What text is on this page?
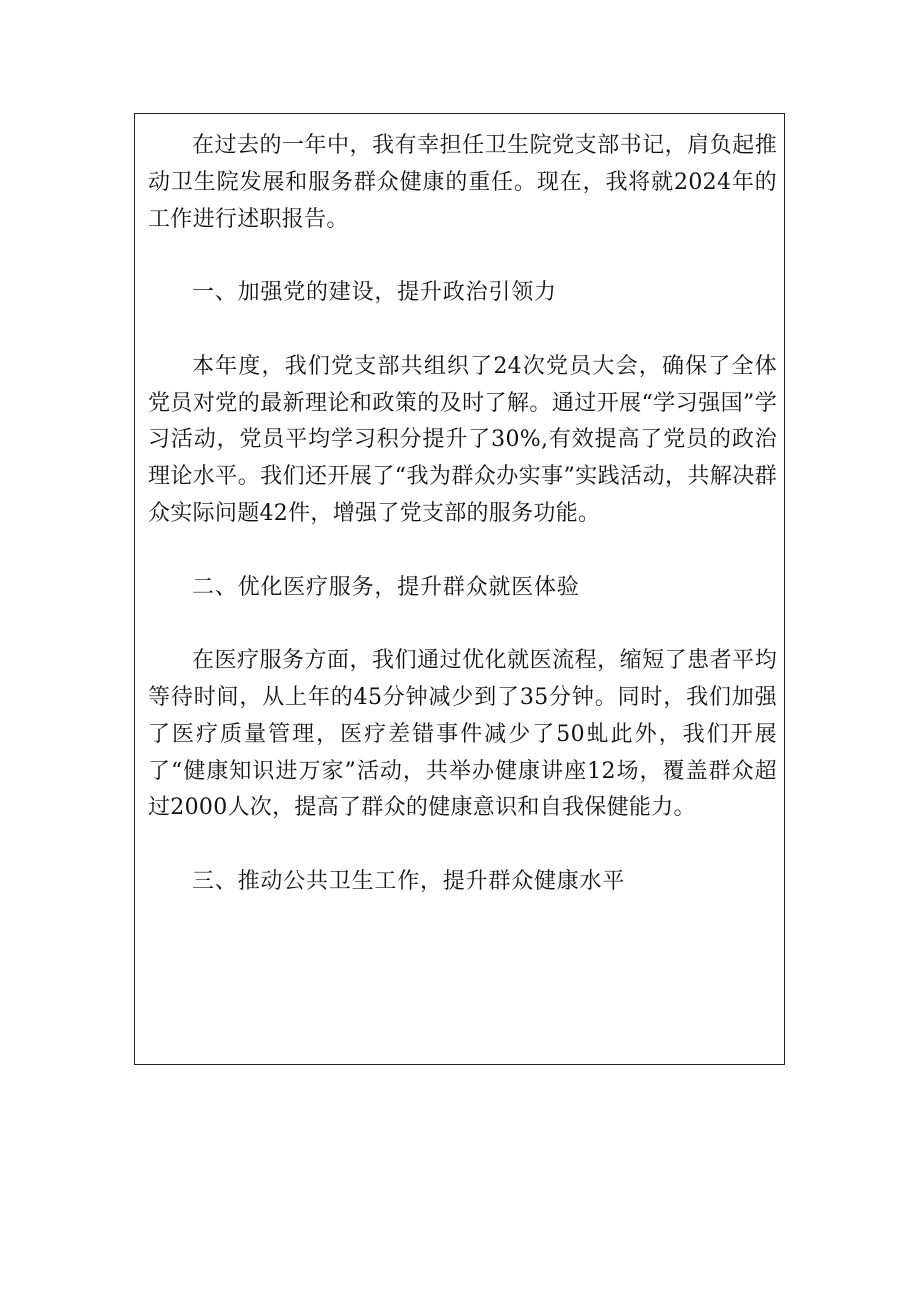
在过去的一年中，我有幸担任卫生院党支部书记，肩负起推动卫生院发展和服务群众健康的重任。现在，我将就2024年的工作进行述职报告。

一、加强党的建设，提升政治引领力

本年度，我们党支部共组织了24次党员大会，确保了全体党员对党的最新理论和政策的及时了解。通过开展“学习强国”学习活动，党员平均学习积分提升了30%,有效提高了党员的政治理论水平。我们还开展了“我为群众办实事”实践活动，共解决群众实际问题42件，增强了党支部的服务功能。

二、优化医疗服务，提升群众就医体验

在医疗服务方面，我们通过优化就医流程，缩短了患者平均等待时间，从上年的45分钟减少到了35分钟。同时，我们加强了医疗质量管理，医疗差错事件减少了50虬此外，我们开展了“健康知识进万家”活动，共举办健康讲座12场，覆盖群众超过2000人次，提高了群众的健康意识和自我保健能力。

三、推动公共卫生工作，提升群众健康水平
